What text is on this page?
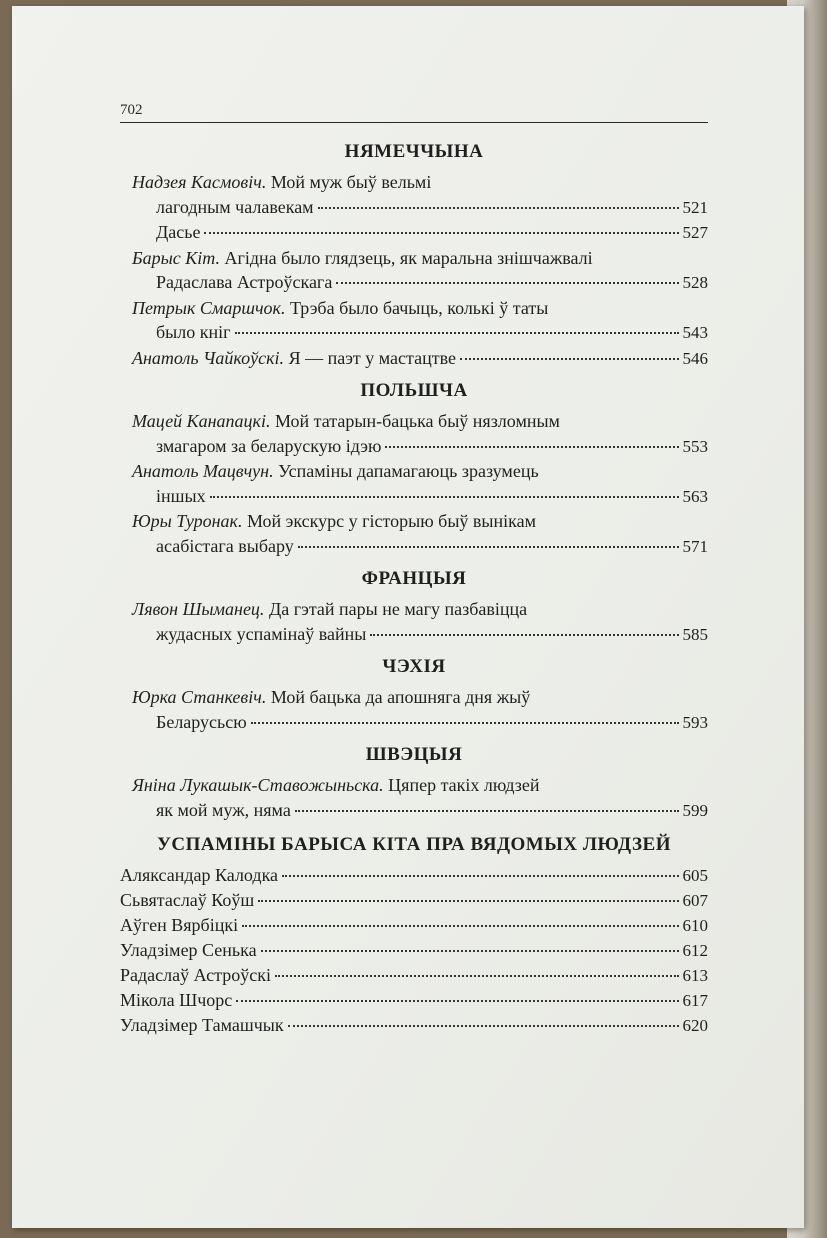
702
НЯМЕЧЧЫНА
Надзея Касмовіч. Мой муж быў вельмі
лагодным чалавекам	521
Дасье	527
Барыс Кіт. Агідна было глядзець, як маральна знішчажвалі
Радаслава Астроўскага	528
Петрык Смаршчок. Трэба было бачыць, колькі ў таты
было кніг	543
Анатоль Чайкоўскі. Я — паэт у мастацтве	546
ПОЛЬШЧА
Мацей Канапацкі. Мой татарын-бацька быў нязломным
змагаром за беларускую ідэю	553
Анатоль Мацвчун. Успаміны дапамагаюць зразумець
іншых	563
Юры Туронак. Мой экскурс у гісторыю быў вынікам
асабістага выбару	571
ФРАНЦЫЯ
Лявон Шыманец. Да гэтай пары не магу пазбавіцца
жудасных успамінаў вайны	585
ЧЭХІЯ
Юрка Станкевіч. Мой бацька да апошняга дня жыў
Беларусьсю	593
ШВЭЦЫЯ
Яніна Лукашык-Ставожыньска. Цяпер такіх людзей
як мой муж, няма	599
УСПАМІНЫ БАРЫСА КІТА ПРА ВЯДОМЫХ ЛЮДЗЕЙ
Аляксандар Калодка	605
Сьвятаслаў Коўш	607
Аўген Вярбіцкі	610
Уладзімер Сенька	612
Радаслаў Астроўскі	613
Мікола Шчорс	617
Уладзімер Тамашчык	620
